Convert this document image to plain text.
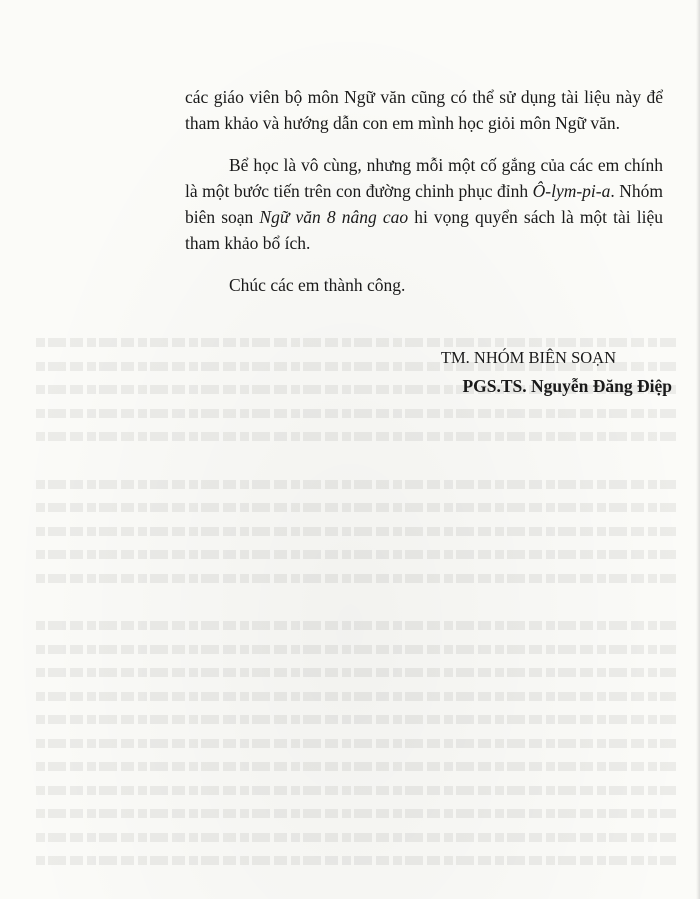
các giáo viên bộ môn Ngữ văn cũng có thể sử dụng tài liệu này để tham khảo và hướng dẫn con em mình học giỏi môn Ngữ văn.

Bể học là vô cùng, nhưng mỗi một cố gắng của các em chính là một bước tiến trên con đường chinh phục đỉnh Ô-lym-pi-a. Nhóm biên soạn Ngữ văn 8 nâng cao hi vọng quyển sách là một tài liệu tham khảo bổ ích.

Chúc các em thành công.

TM. NHÓM BIÊN SOẠN
PGS.TS. Nguyễn Đăng Điệp
